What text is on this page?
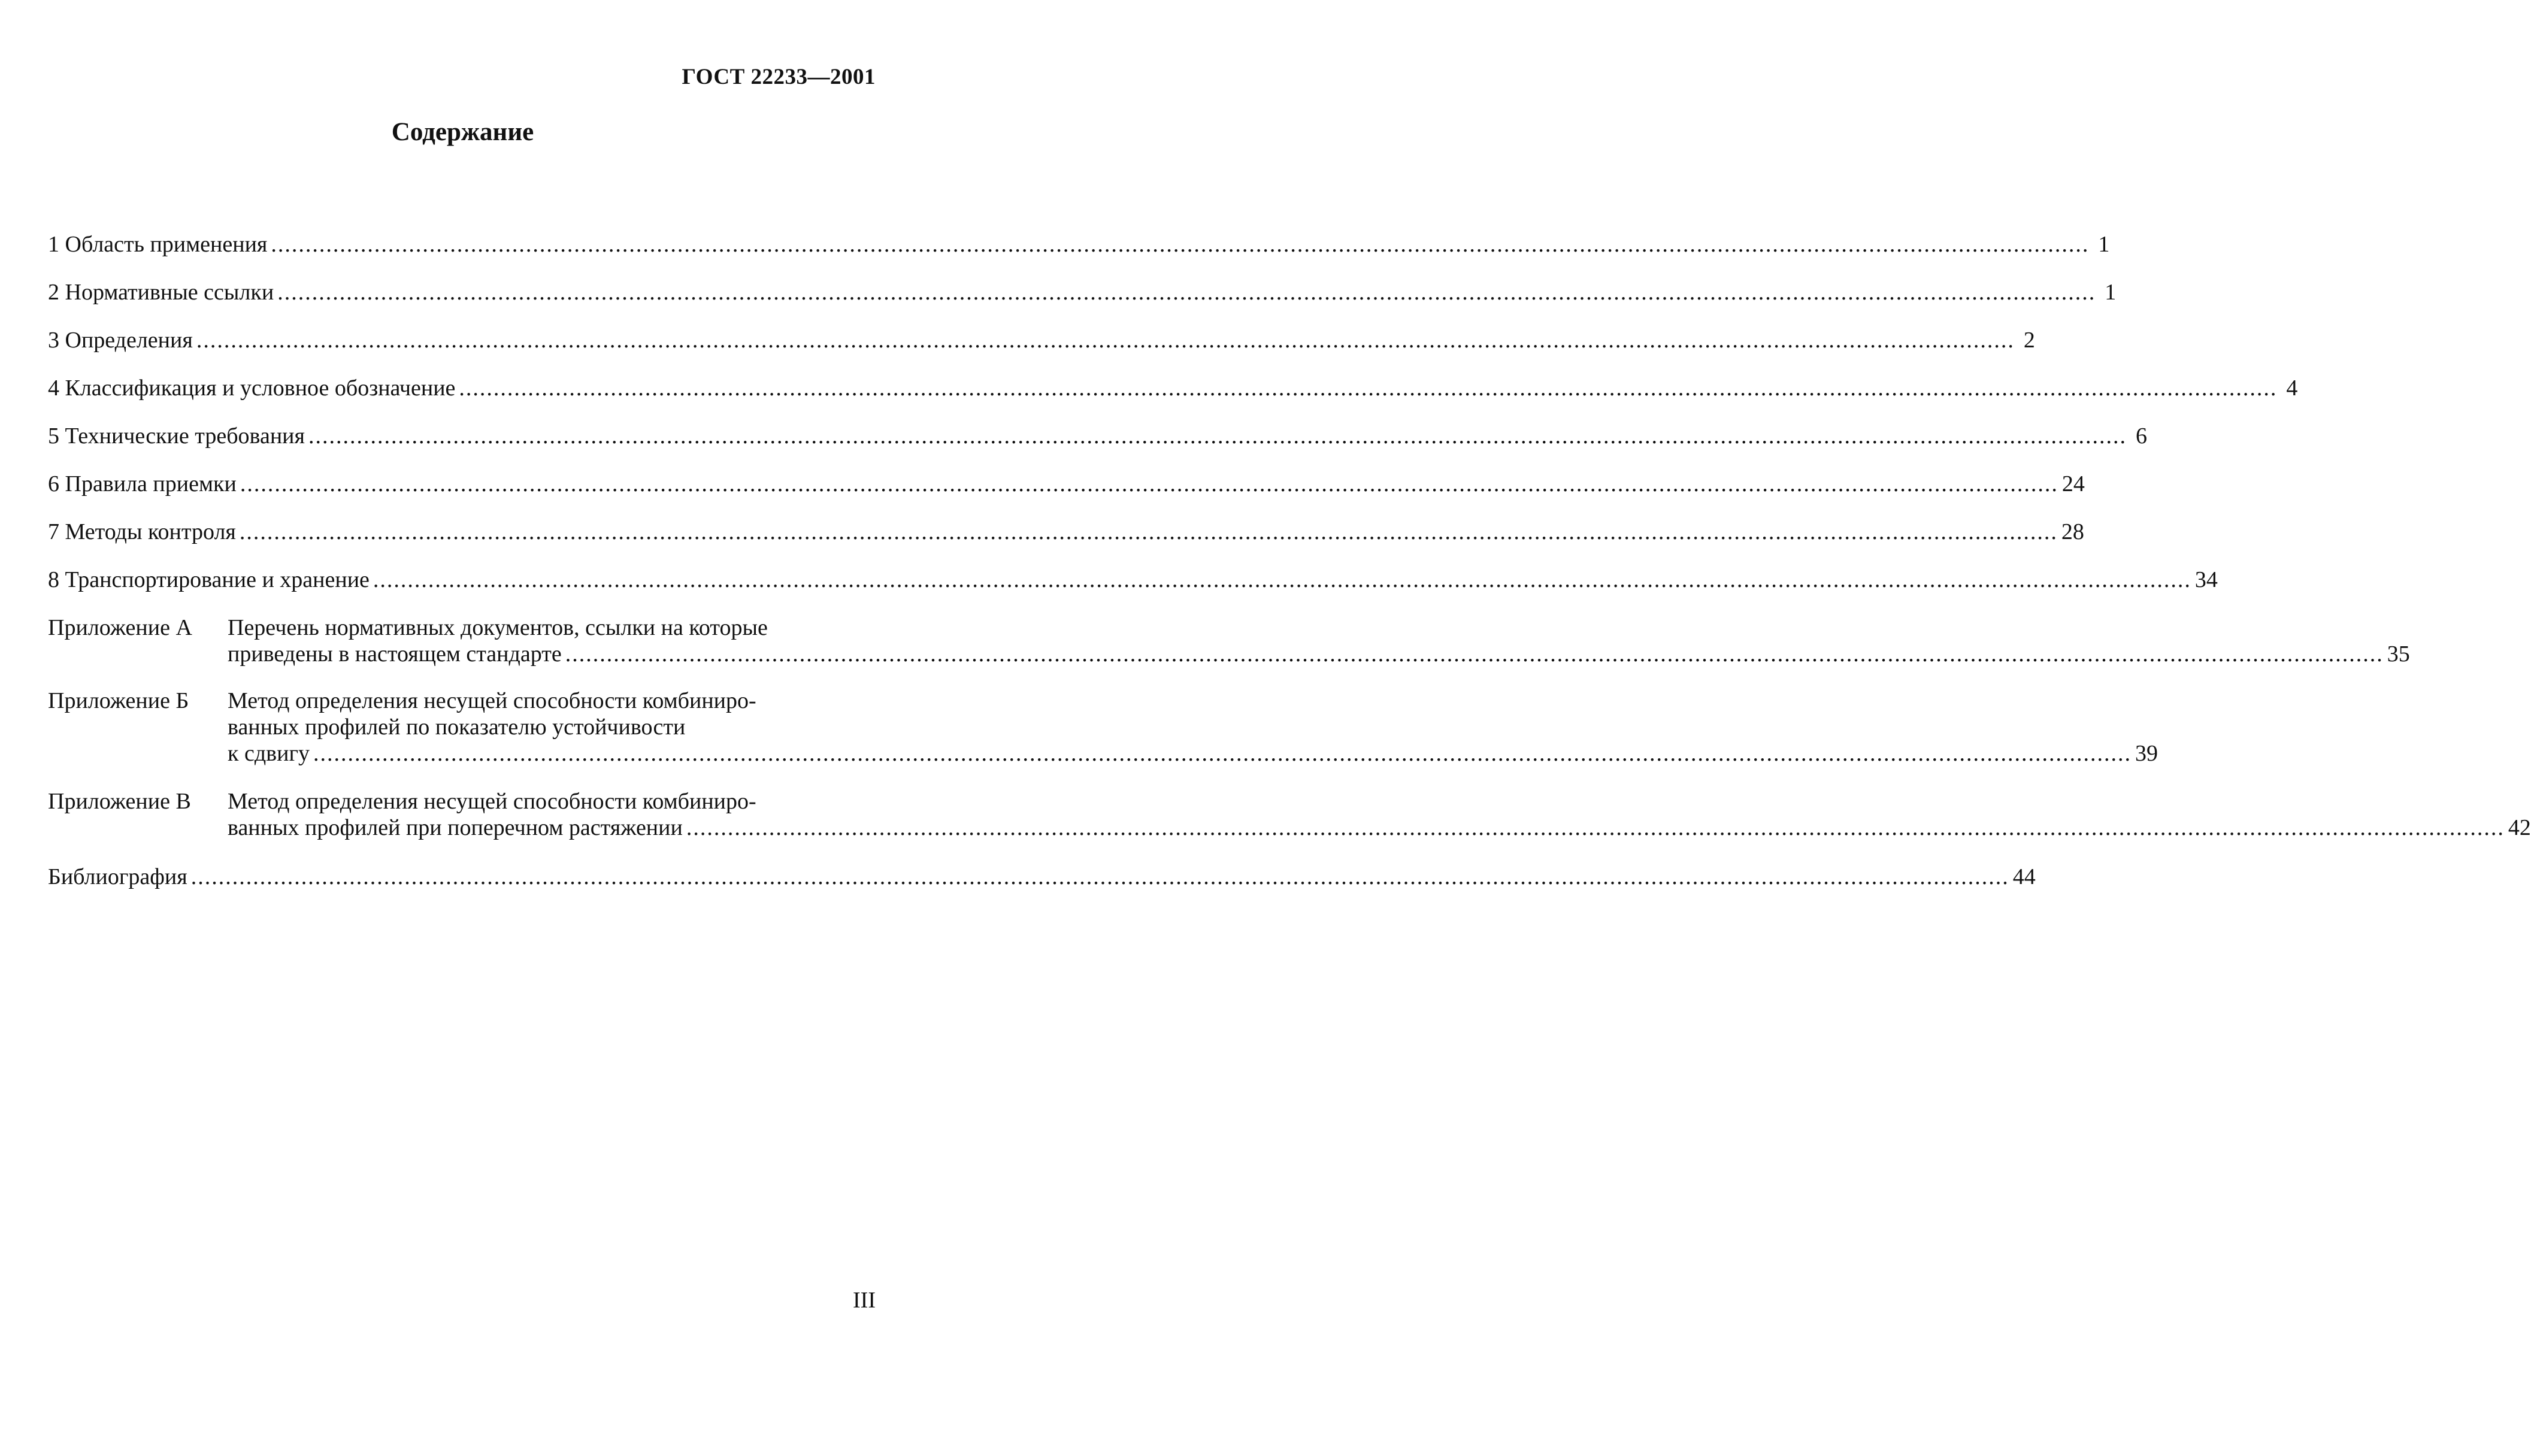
ГОСТ 22233—2001
Содержание
1 Область применения .....	1
2 Нормативные ссылки .....	1
3 Определения .....	2
4 Классификация и условное обозначение .....	4
5 Технические требования .....	6
6 Правила приемки .....	24
7 Методы контроля .....	28
8 Транспортирование и хранение .....	34
Приложение А	Перечень нормативных документов, ссылки на которые
приведены в настоящем стандарте .....	35
Приложение Б	Метод определения несущей способности комбиниро-
ванных профилей по показателю устойчивости
к сдвигу .....	39
Приложение В	Метод определения несущей способности комбиниро-
ванных профилей при поперечном растяжении .....	42
Библиография .....	44
III
